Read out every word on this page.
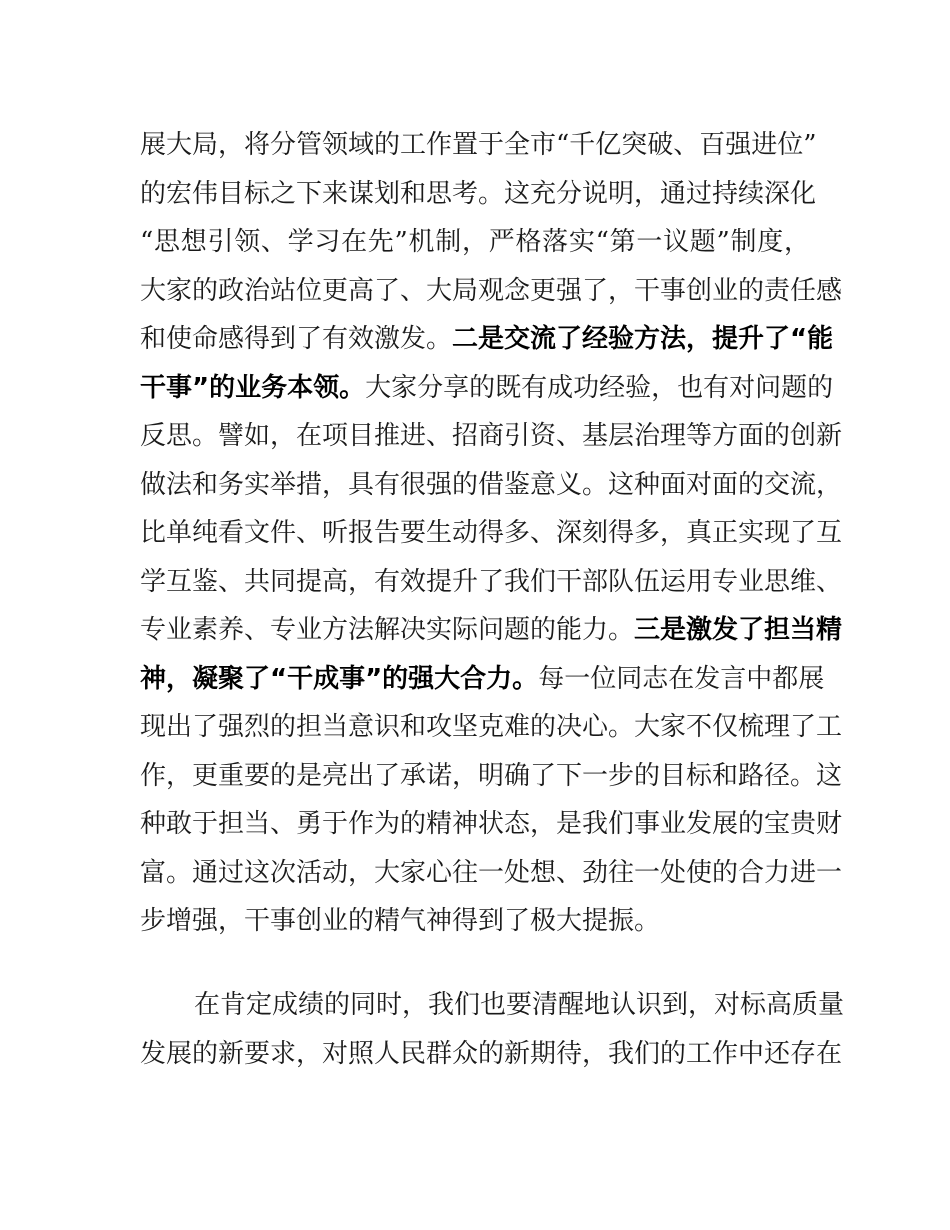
展大局，将分管领域的工作置于全市“千亿突破、百强进位”
的宏伟目标之下来谋划和思考。这充分说明，通过持续深化
“思想引领、学习在先”机制，严格落实“第一议题”制度，
大家的政治站位更高了、大局观念更强了，干事创业的责任感
和使命感得到了有效激发。二是交流了经验方法，提升了“能
干事”的业务本领。大家分享的既有成功经验，也有对问题的
反思。譬如，在项目推进、招商引资、基层治理等方面的创新
做法和务实举措，具有很强的借鉴意义。这种面对面的交流，
比单纯看文件、听报告要生动得多、深刻得多，真正实现了互
学互鉴、共同提高，有效提升了我们干部队伍运用专业思维、
专业素养、专业方法解决实际问题的能力。三是激发了担当精
神，凝聚了“干成事”的强大合力。每一位同志在发言中都展
现出了强烈的担当意识和攻坚克难的决心。大家不仅梳理了工
作，更重要的是亮出了承诺，明确了下一步的目标和路径。这
种敢于担当、勇于作为的精神状态，是我们事业发展的宝贵财
富。通过这次活动，大家心往一处想、劲往一处使的合力进一
步增强，干事创业的精气神得到了极大提振。
在肯定成绩的同时，我们也要清醒地认识到，对标高质量
发展的新要求，对照人民群众的新期待，我们的工作中还存在
